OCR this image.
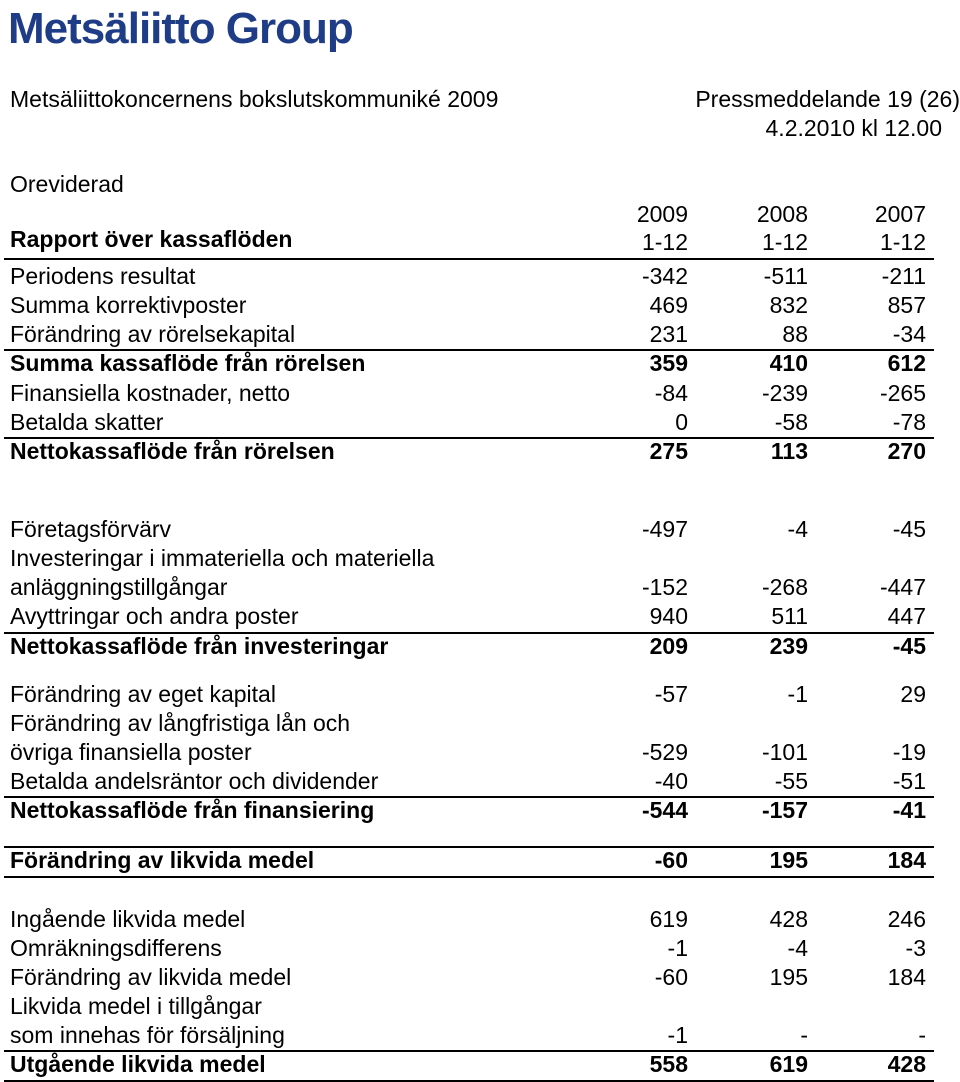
Metsäliitto Group
Metsäliittokoncernens bokslutskommuniké 2009	Pressmeddelande 19 (26)
4.2.2010 kl 12.00
Oreviderad
2009	2008	2007
Rapport över kassaflöden	1-12	1-12	1-12
Periodens resultat	-342	-511	-211
Summa korrektivposter	469	832	857
Förändring av rörelsekapital	231	88	-34
Summa kassaflöde från rörelsen	359	410	612
Finansiella kostnader, netto	-84	-239	-265
Betalda skatter	0	-58	-78
Nettokassaflöde från rörelsen	275	113	270
Företagsförvärv	-497	-4	-45
Investeringar i immateriella och materiella
anläggningstillgångar	-152	-268	-447
Avyttringar och andra poster	940	511	447
Nettokassaflöde från investeringar	209	239	-45
Förändring av eget kapital	-57	-1	29
Förändring av långfristiga lån och
övriga finansiella poster	-529	-101	-19
Betalda andelsräntor och dividender	-40	-55	-51
Nettokassaflöde från finansiering	-544	-157	-41
Förändring av likvida medel	-60	195	184
Ingående likvida medel	619	428	246
Omräkningsdifferens	-1	-4	-3
Förändring av likvida medel	-60	195	184
Likvida medel i tillgångar
som innehas för försäljning	-1	-	-
Utgående likvida medel	558	619	428
